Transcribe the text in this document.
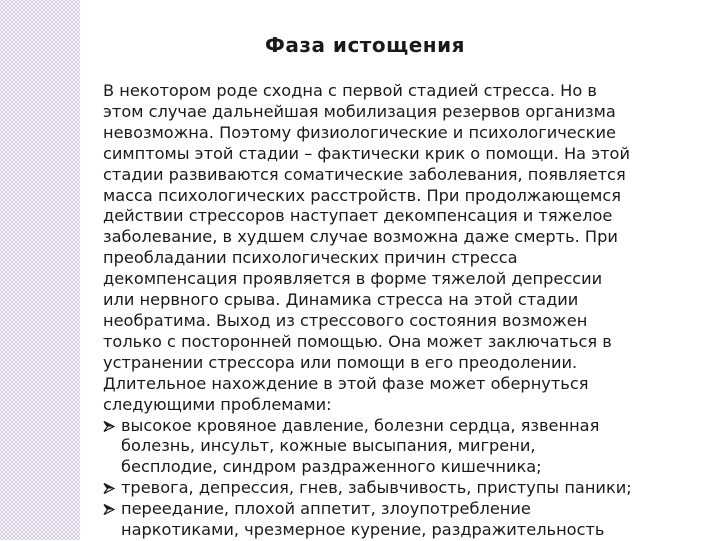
Фаза истощения
В некотором роде сходна с первой стадией стресса. Но в
этом случае дальнейшая мобилизация резервов организма
невозможна. Поэтому физиологические и психологические
симптомы этой стадии – фактически крик о помощи. На этой
стадии развиваются соматические заболевания, появляется
масса психологических расстройств. При продолжающемся
действии стрессоров наступает декомпенсация и тяжелое
заболевание, в худшем случае возможна даже смерть. При
преобладании психологических причин стресса
декомпенсация проявляется в форме тяжелой депрессии
или нервного срыва. Динамика стресса на этой стадии
необратима. Выход из стрессового состояния возможен
только с посторонней помощью. Она может заключаться в
устранении стрессора или помощи в его преодолении.
Длительное нахождение в этой фазе может обернуться
следующими проблемами:
высокое кровяное давление, болезни сердца, язвенная
болезнь, инсульт, кожные высыпания, мигрени,
бесплодие, синдром раздраженного кишечника;
тревога, депрессия, гнев, забывчивость, приступы паники;
переедание, плохой аппетит, злоупотребление
наркотиками, чрезмерное курение, раздражительность
